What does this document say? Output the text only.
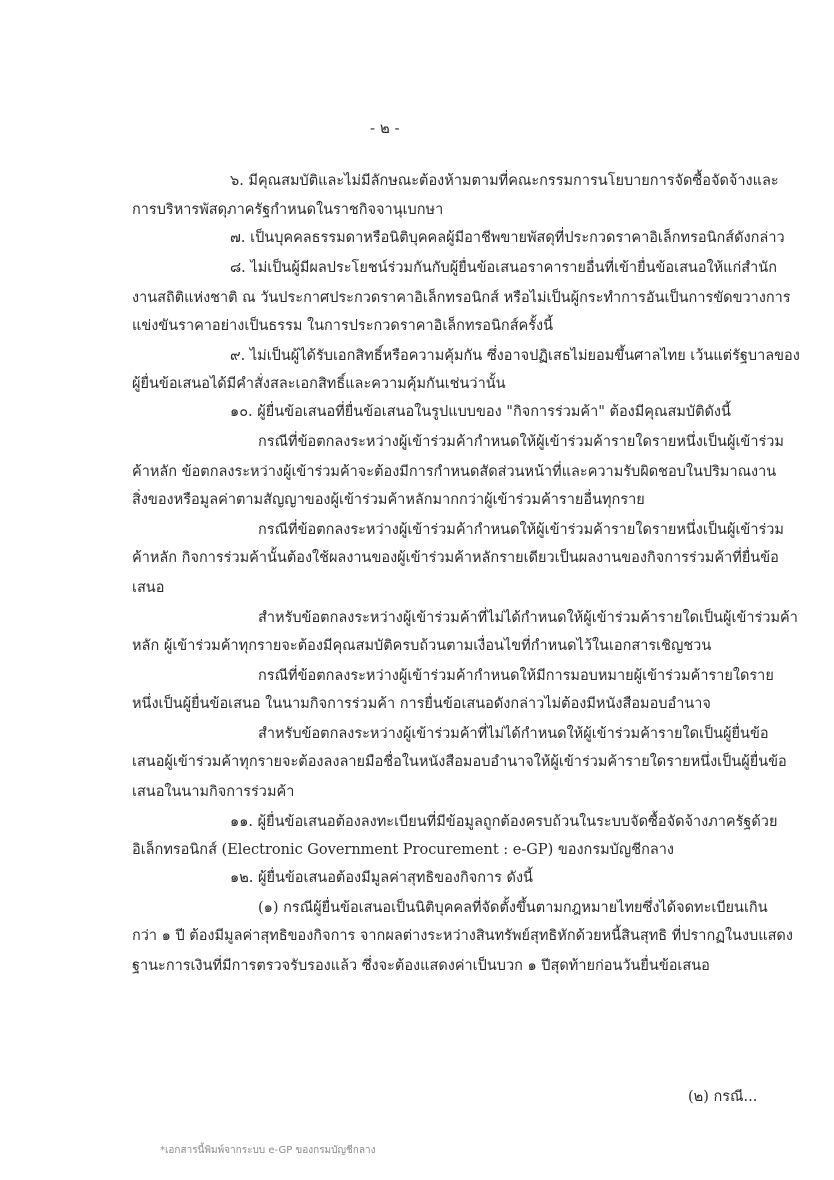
- ๒ -
๖. มีคุณสมบัติและไม่มีลักษณะต้องห้ามตามที่คณะกรรมการนโยบายการจัดซื้อจัดจ้างและ
การบริหารพัสดุภาครัฐกำหนดในราชกิจจานุเบกษา
๗. เป็นบุคคลธรรมดาหรือนิติบุคคลผู้มีอาชีพขายพัสดุที่ประกวดราคาอิเล็กทรอนิกส์ดังกล่าว
๘. ไม่เป็นผู้มีผลประโยชน์ร่วมกันกับผู้ยื่นข้อเสนอราคารายอื่นที่เข้ายื่นข้อเสนอให้แก่สำนัก
งานสถิติแห่งชาติ ณ วันประกาศประกวดราคาอิเล็กทรอนิกส์ หรือไม่เป็นผู้กระทำการอันเป็นการขัดขวางการ
แข่งขันราคาอย่างเป็นธรรม ในการประกวดราคาอิเล็กทรอนิกส์ครั้งนี้
๙. ไม่เป็นผู้ได้รับเอกสิทธิ์หรือความคุ้มกัน ซึ่งอาจปฏิเสธไม่ยอมขึ้นศาลไทย เว้นแต่รัฐบาลของ
ผู้ยื่นข้อเสนอได้มีคำสั่งสละเอกสิทธิ์และความคุ้มกันเช่นว่านั้น
๑๐. ผู้ยื่นข้อเสนอที่ยื่นข้อเสนอในรูปแบบของ "กิจการร่วมค้า" ต้องมีคุณสมบัติดังนี้
กรณีที่ข้อตกลงระหว่างผู้เข้าร่วมค้ากำหนดให้ผู้เข้าร่วมค้ารายใดรายหนึ่งเป็นผู้เข้าร่วม
ค้าหลัก ข้อตกลงระหว่างผู้เข้าร่วมค้าจะต้องมีการกำหนดสัดส่วนหน้าที่และความรับผิดชอบในปริมาณงาน
สิ่งของหรือมูลค่าตามสัญญาของผู้เข้าร่วมค้าหลักมากกว่าผู้เข้าร่วมค้ารายอื่นทุกราย
กรณีที่ข้อตกลงระหว่างผู้เข้าร่วมค้ากำหนดให้ผู้เข้าร่วมค้ารายใดรายหนึ่งเป็นผู้เข้าร่วม
ค้าหลัก กิจการร่วมค้านั้นต้องใช้ผลงานของผู้เข้าร่วมค้าหลักรายเดียวเป็นผลงานของกิจการร่วมค้าที่ยื่นข้อ
เสนอ
สำหรับข้อตกลงระหว่างผู้เข้าร่วมค้าที่ไม่ได้กำหนดให้ผู้เข้าร่วมค้ารายใดเป็นผู้เข้าร่วมค้า
หลัก ผู้เข้าร่วมค้าทุกรายจะต้องมีคุณสมบัติครบถ้วนตามเงื่อนไขที่กำหนดไว้ในเอกสารเชิญชวน
กรณีที่ข้อตกลงระหว่างผู้เข้าร่วมค้ากำหนดให้มีการมอบหมายผู้เข้าร่วมค้ารายใดราย
หนึ่งเป็นผู้ยื่นข้อเสนอ ในนามกิจการร่วมค้า การยื่นข้อเสนอดังกล่าวไม่ต้องมีหนังสือมอบอำนาจ
สำหรับข้อตกลงระหว่างผู้เข้าร่วมค้าที่ไม่ได้กำหนดให้ผู้เข้าร่วมค้ารายใดเป็นผู้ยื่นข้อ
เสนอผู้เข้าร่วมค้าทุกรายจะต้องลงลายมือชื่อในหนังสือมอบอำนาจให้ผู้เข้าร่วมค้ารายใดรายหนึ่งเป็นผู้ยื่นข้อ
เสนอในนามกิจการร่วมค้า
๑๑. ผู้ยื่นข้อเสนอต้องลงทะเบียนที่มีข้อมูลถูกต้องครบถ้วนในระบบจัดซื้อจัดจ้างภาครัฐด้วย
อิเล็กทรอนิกส์ (Electronic Government Procurement : e-GP) ของกรมบัญชีกลาง
๑๒. ผู้ยื่นข้อเสนอต้องมีมูลค่าสุทธิของกิจการ ดังนี้
(๑) กรณีผู้ยื่นข้อเสนอเป็นนิติบุคคลที่จัดตั้งขึ้นตามกฎหมายไทยซึ่งได้จดทะเบียนเกิน
กว่า ๑ ปี ต้องมีมูลค่าสุทธิของกิจการ จากผลต่างระหว่างสินทรัพย์สุทธิหักด้วยหนี้สินสุทธิ ที่ปรากฏในงบแสดง
ฐานะการเงินที่มีการตรวจรับรองแล้ว ซึ่งจะต้องแสดงค่าเป็นบวก ๑ ปีสุดท้ายก่อนวันยื่นข้อเสนอ
(๒) กรณี...
*เอกสารนี้พิมพ์จากระบบ e-GP ของกรมบัญชีกลาง
